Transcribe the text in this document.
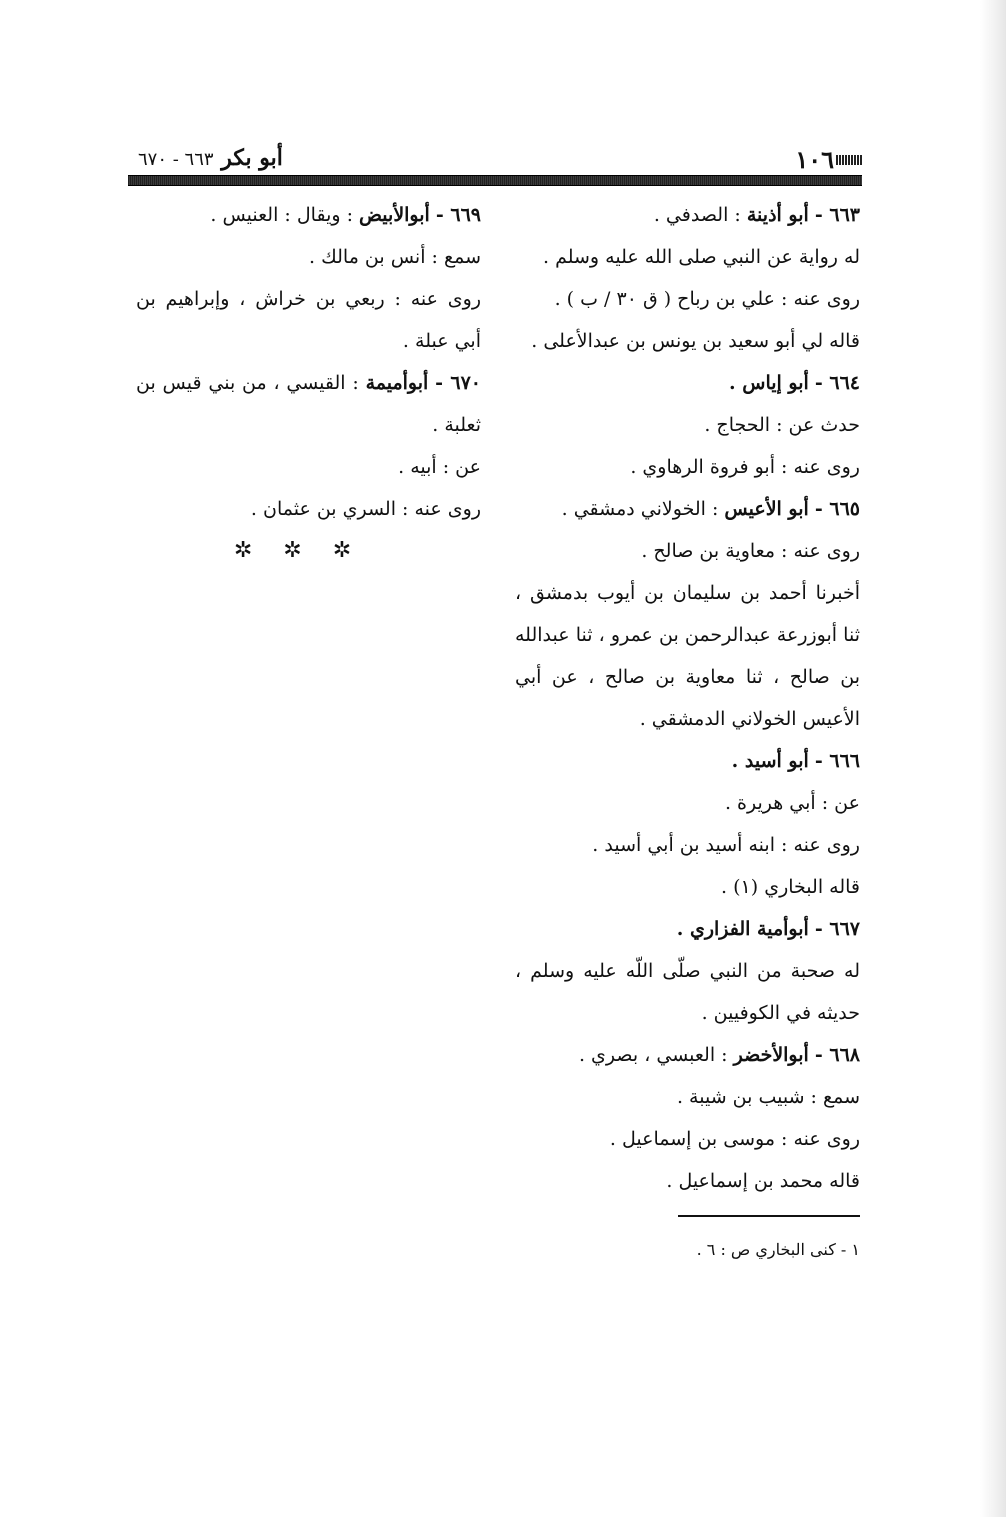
أبو بكر ٦٦٣ - ٦٧٠	١٠٦
٦٦٣ - أبو أذينة : الصدفي .
له رواية عن النبي صلى الله عليه وسلم .
روى عنه : علي بن رباح ( ق ٣٠ / ب ) .
قاله لي أبو سعيد بن يونس بن عبدالأعلى .
٦٦٤ - أبو إياس .
حدث عن : الحجاج .
روى عنه : أبو فروة الرهاوي .
٦٦٥ - أبو الأعيس : الخولاني دمشقي .
روى عنه : معاوية بن صالح .
أخبرنا أحمد بن سليمان بن أيوب بدمشق ، ثنا أبوزرعة عبدالرحمن بن عمرو ، ثنا عبدالله بن صالح ، ثنا معاوية بن صالح ، عن أبي الأعيس الخولاني الدمشقي .
٦٦٦ - أبو أسيد .
عن : أبي هريرة .
روى عنه : ابنه أسيد بن أبي أسيد .
قاله البخاري (١) .
٦٦٧ - أبوأمية الفزاري .
له صحبة من النبي صلّى اللّه عليه وسلم ، حديثه في الكوفيين .
٦٦٨ - أبوالأخضر : العبسي ، بصري .
سمع : شبيب بن شيبة .
روى عنه : موسى بن إسماعيل .
قاله محمد بن إسماعيل .
٦٦٩ - أبوالأبيض : ويقال : العنيس .
سمع : أنس بن مالك .
روى عنه : ربعي بن خراش ، وإبراهيم بن أبي عبلة .
٦٧٠ - أبوأميمة : القيسي ، من بني قيس بن ثعلبة .
عن : أبيه .
روى عنه : السري بن عثمان .
✲ ✲ ✲
١ - كنى البخاري ص : ٦ .
